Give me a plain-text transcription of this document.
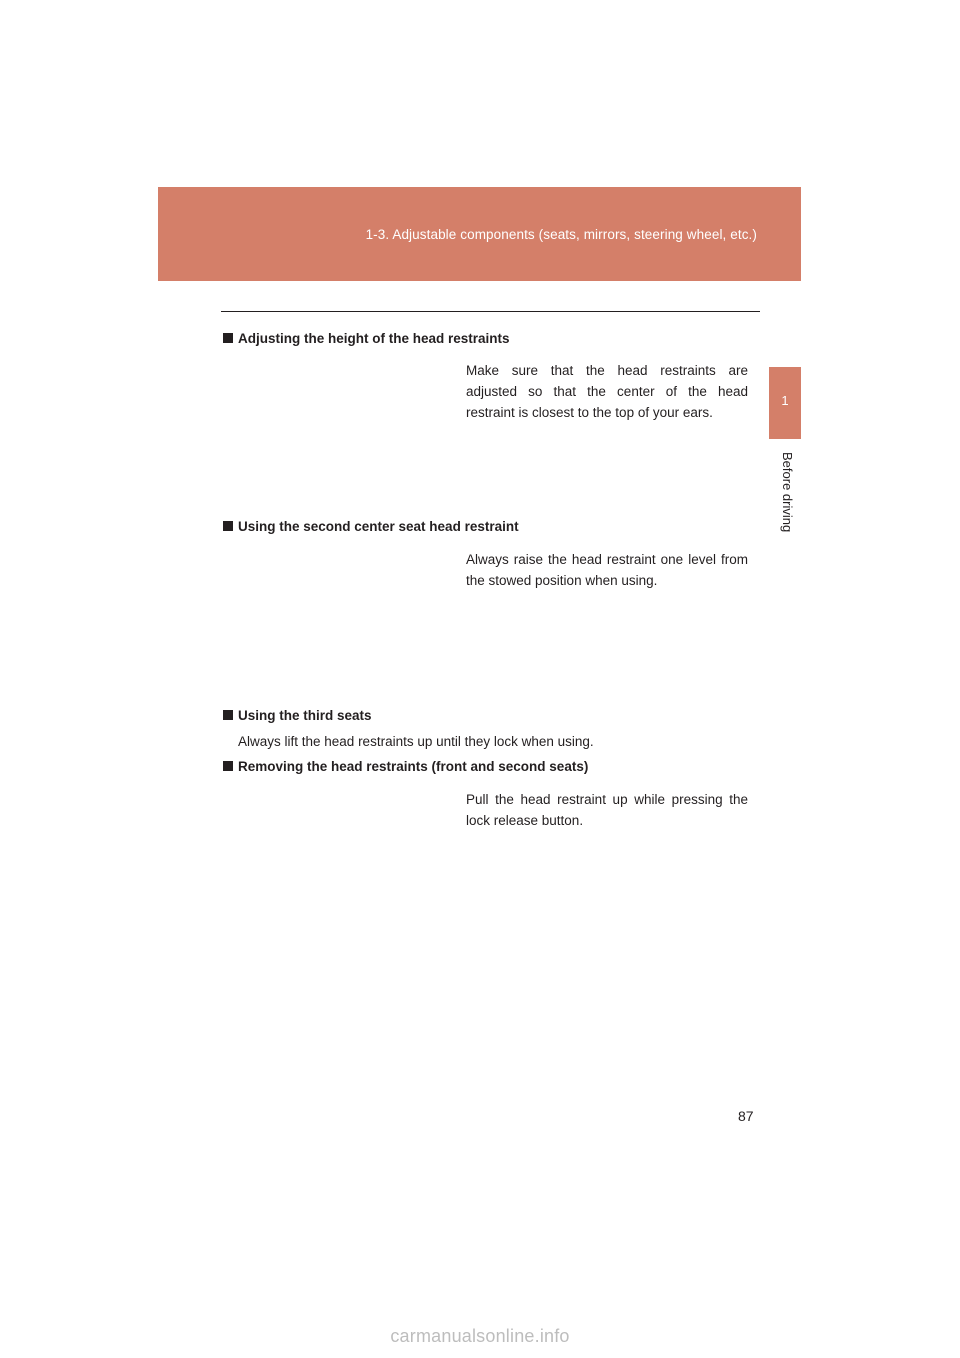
1-3. Adjustable components (seats, mirrors, steering wheel, etc.)
1
Before driving
Adjusting the height of the head restraints
Make sure that the head restraints are adjusted so that the center of the head restraint is closest to the top of your ears.
Using the second center seat head restraint
Always raise the head restraint one level from the stowed position when using.
Using the third seats
Always lift the head restraints up until they lock when using.
Removing the head restraints (front and second seats)
Pull the head restraint up while pressing the lock release button.
87
carmanualsonline.info
